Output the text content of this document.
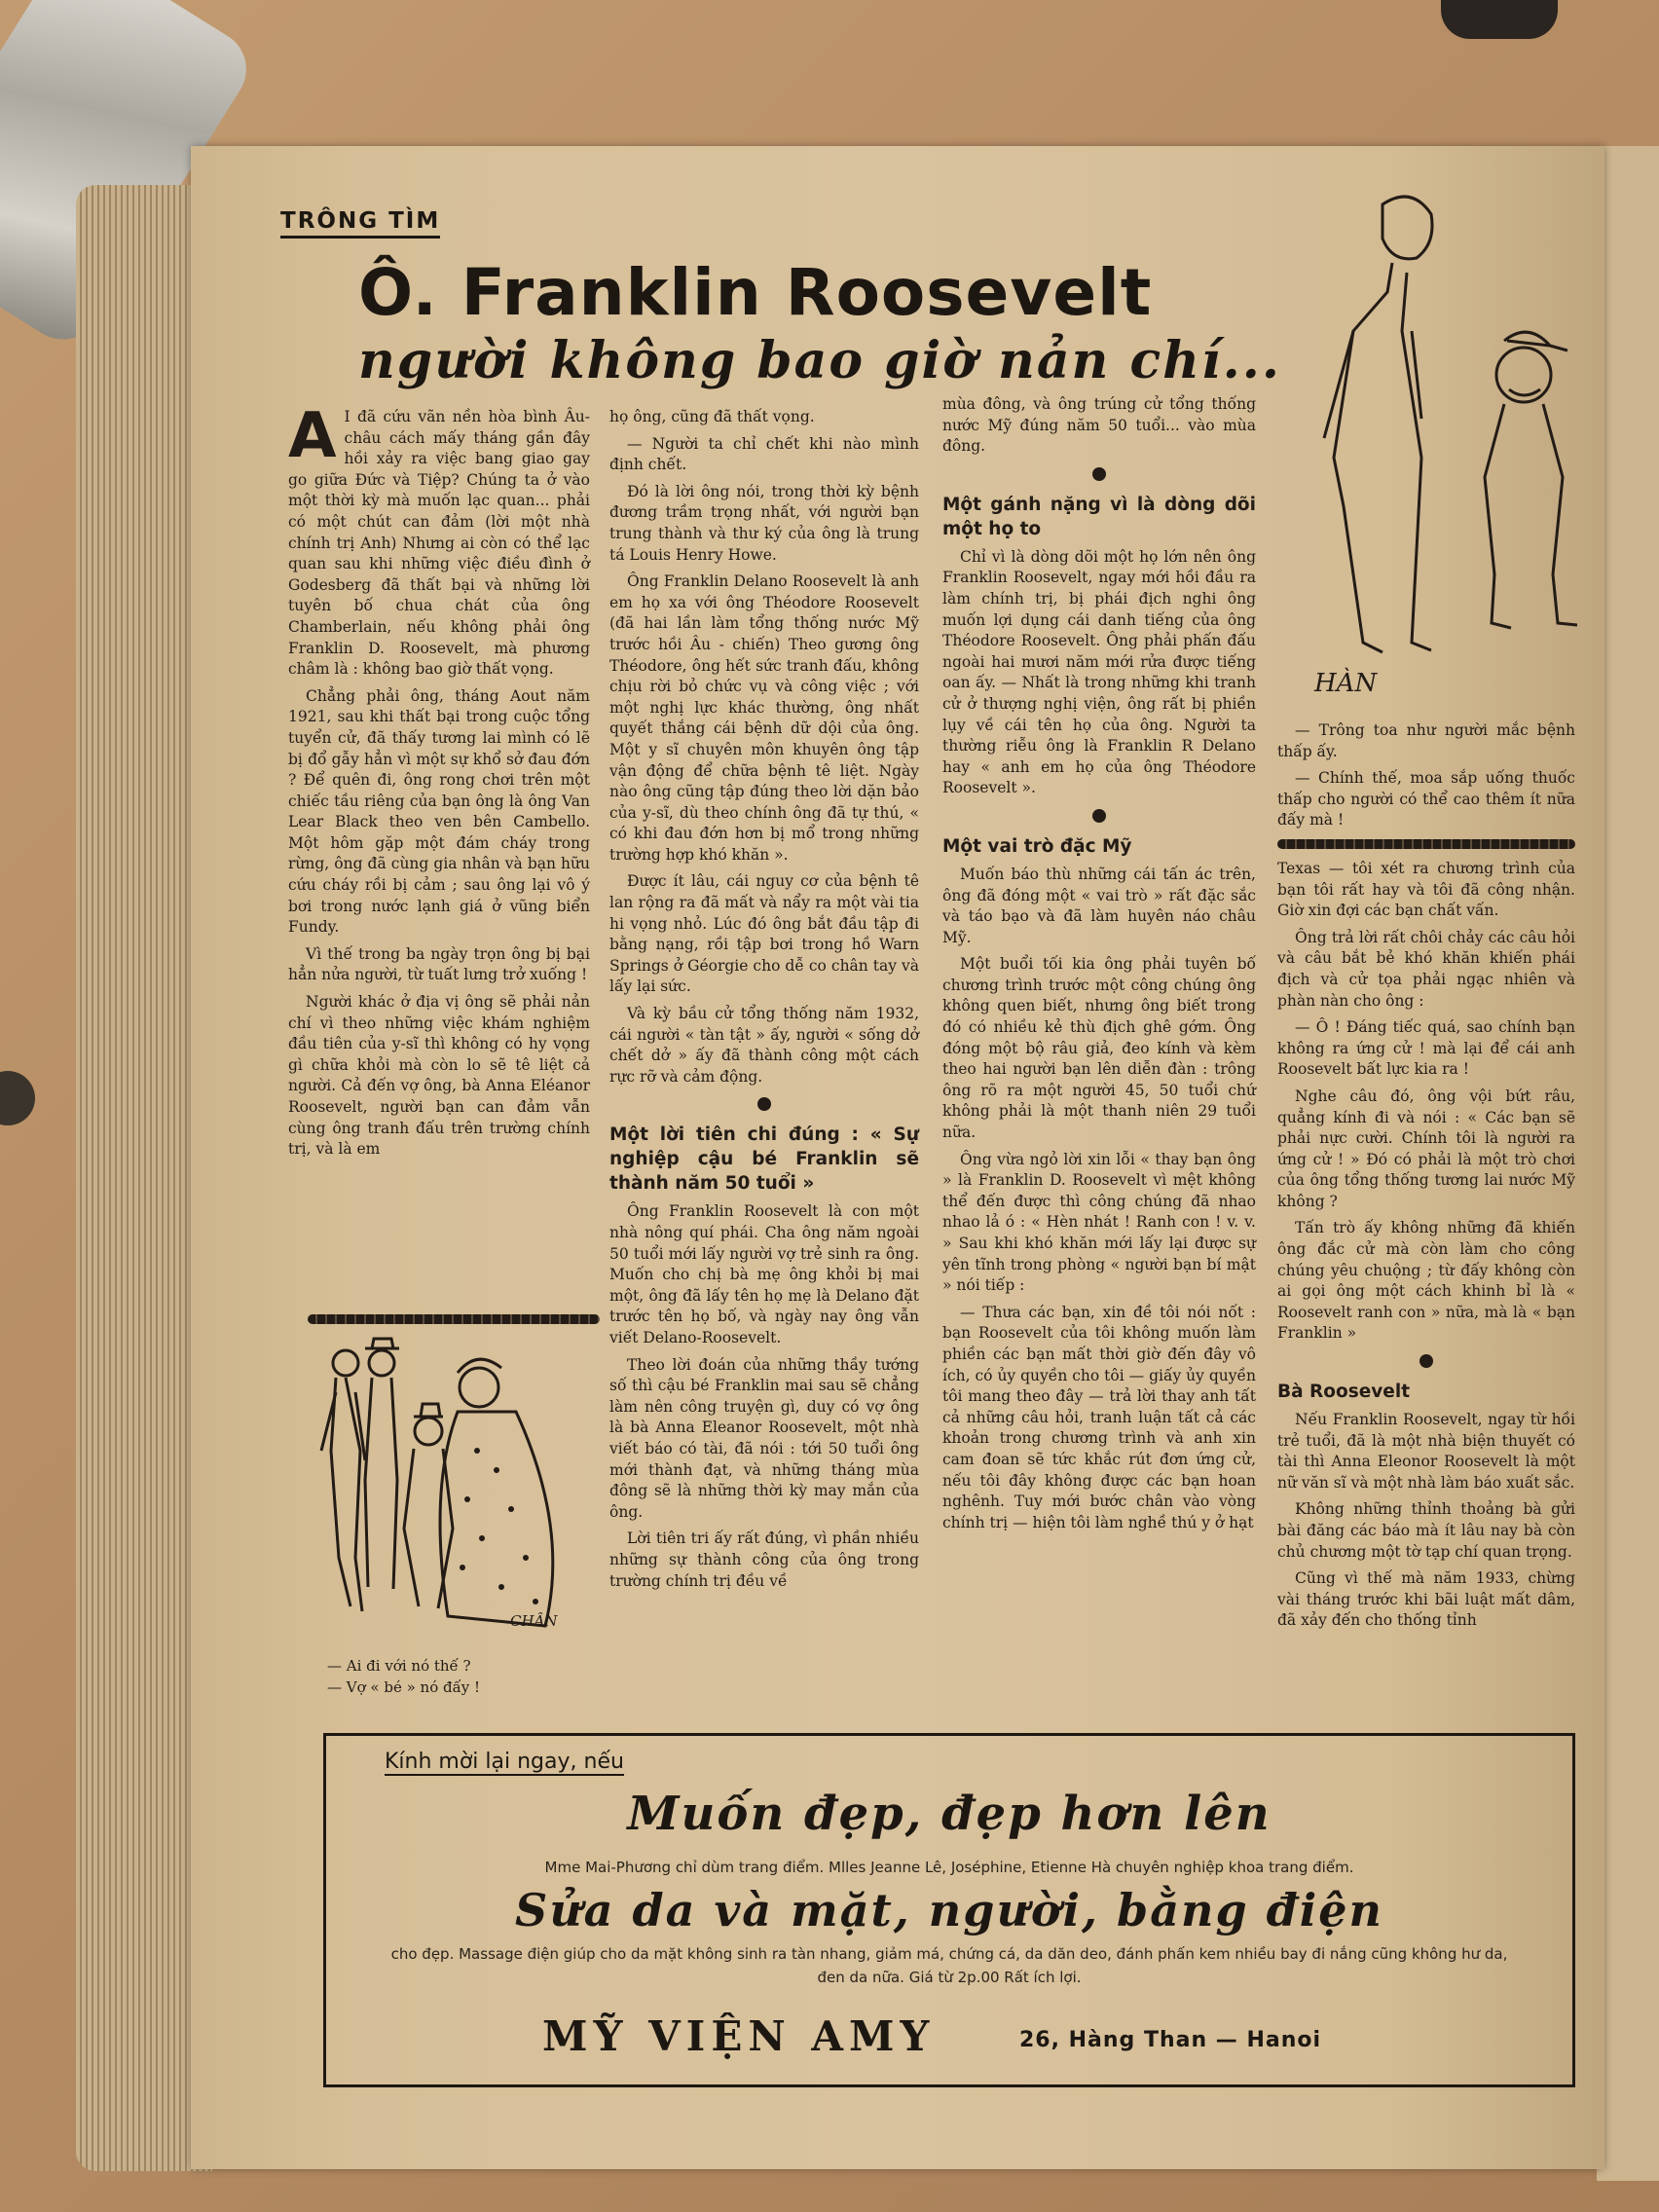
TRÔNG TÌM
Ô. Franklin Roosevelt
người không bao giờ nản chí...

A I đã cứu vãn nền hòa bình Âu-châu cách mấy tháng gần đây hồi xảy ra việc bang giao gay go giữa Đức và Tiệp? Chúng ta ở vào một thời kỳ mà muốn lạc quan... phải có một chút can đảm (lời một nhà chính trị Anh) Nhưng ai còn có thể lạc quan sau khi những việc điều đình ở Godesberg đã thất bại và những lời tuyên bố chua chát của ông Chamberlain, nếu không phải ông Franklin D. Roosevelt, mà phương châm là : không bao giờ thất vọng.

Chẳng phải ông, tháng Aout năm 1921, sau khi thất bại trong cuộc tổng tuyển cử, đã thấy tương lai mình có lẽ bị đổ gẫy hẳn vì một sự khổ sở đau đớn ? Để quên đi, ông rong chơi trên một chiếc tầu riêng của bạn ông là ông Van Lear Black theo ven bên Cambello. Một hôm gặp một đám cháy trong rừng, ông đã cùng gia nhân và bạn hữu cứu cháy rồi bị cảm ; sau ông lại vô ý bơi trong nước lạnh giá ở vũng biển Fundy.

Vì thế trong ba ngày trọn ông bị bại hẳn nửa người, từ tuất lưng trở xuống !

Người khác ở địa vị ông sẽ phải nản chí vì theo những việc khám nghiệm đầu tiên của y-sĩ thì không có hy vọng gì chữa khỏi mà còn lo sẽ tê liệt cả người. Cả đến vợ ông, bà Anna Eléanor Roosevelt, người bạn can đảm vẫn cùng ông tranh đấu trên trường chính trị, và là em

CHÂN
— Ai đi với nó thế ?
— Vợ « bé » nó đấy !

họ ông, cũng đã thất vọng.

— Người ta chỉ chết khi nào mình định chết.

Đó là lời ông nói, trong thời kỳ bệnh đương trầm trọng nhất, với người bạn trung thành và thư ký của ông là trung tá Louis Henry Howe.

Ông Franklin Delano Roosevelt là anh em họ xa với ông Théodore Roosevelt (đã hai lần làm tổng thống nước Mỹ trước hồi Âu - chiến) Theo gương ông Théodore, ông hết sức tranh đấu, không chịu rời bỏ chức vụ và công việc ; với một nghị lực khác thường, ông nhất quyết thắng cái bệnh dữ dội của ông. Một y sĩ chuyên môn khuyên ông tập vận động để chữa bệnh tê liệt. Ngày nào ông cũng tập đúng theo lời dặn bảo của y-sĩ, dù theo chính ông đã tự thú, « có khi đau đớn hơn bị mổ trong những trường hợp khó khăn ».

Được ít lâu, cái nguy cơ của bệnh tê lan rộng ra đã mất và nẩy ra một vài tia hi vọng nhỏ. Lúc đó ông bắt đầu tập đi bằng nạng, rồi tập bơi trong hồ Warn Springs ở Géorgie cho dễ co chân tay và lấy lại sức.

Và kỳ bầu cử tổng thống năm 1932, cái người « tàn tật » ấy, người « sống dở chết dở » ấy đã thành công một cách rực rỡ và cảm động.

Một lời tiên chi đúng : « Sự nghiệp cậu bé Franklin sẽ thành năm 50 tuổi »

Ông Franklin Roosevelt là con một nhà nông quí phái. Cha ông năm ngoài 50 tuổi mới lấy người vợ trẻ sinh ra ông. Muốn cho chị bà mẹ ông khỏi bị mai một, ông đã lấy tên họ mẹ là Delano đặt trước tên họ bố, và ngày nay ông vẫn viết Delano-Roosevelt.

Theo lời đoán của những thầy tướng số thì cậu bé Franklin mai sau sẽ chẳng làm nên công truyện gì, duy có vợ ông là bà Anna Eleanor Roosevelt, một nhà viết báo có tài, đã nói : tới 50 tuổi ông mới thành đạt, và những tháng mùa đông sẽ là những thời kỳ may mắn của ông.

Lời tiên tri ấy rất đúng, vì phần nhiều những sự thành công của ông trong trường chính trị đều về

mùa đông, và ông trúng cử tổng thống nước Mỹ đúng năm 50 tuổi... vào mùa đông.

Một gánh nặng vì là dòng dõi một họ to

Chỉ vì là dòng dõi một họ lớn nên ông Franklin Roosevelt, ngay mới hồi đầu ra làm chính trị, bị phái địch nghi ông muốn lợi dụng cái danh tiếng của ông Théodore Roosevelt. Ông phải phấn đấu ngoài hai mươi năm mới rửa được tiếng oan ấy. — Nhất là trong những khi tranh cử ở thượng nghị viện, ông rất bị phiền lụy về cái tên họ của ông. Người ta thường riễu ông là Franklin R Delano hay « anh em họ của ông Théodore Roosevelt ».

Một vai trò đặc Mỹ

Muốn báo thù những cái tấn ác trên, ông đã đóng một « vai trò » rất đặc sắc và táo bạo và đã làm huyên náo châu Mỹ.

Một buổi tối kia ông phải tuyên bố chương trình trước một công chúng ông không quen biết, nhưng ông biết trong đó có nhiều kẻ thù địch ghê gớm. Ông đóng một bộ râu giả, đeo kính và kèm theo hai người bạn lên diễn đàn : trông ông rõ ra một người 45, 50 tuổi chứ không phải là một thanh niên 29 tuổi nữa.

Ông vừa ngỏ lời xin lỗi « thay bạn ông » là Franklin D. Roosevelt vì mệt không thể đến được thì công chúng đã nhao nhao lả ó : « Hèn nhát ! Ranh con ! v. v. » Sau khi khó khăn mới lấy lại được sự yên tĩnh trong phòng « người bạn bí mật » nói tiếp :

— Thưa các bạn, xin đề tôi nói nốt : bạn Roosevelt của tôi không muốn làm phiền các bạn mất thời giờ đến đây vô ích, có ủy quyền cho tôi — giấy ủy quyền tôi mang theo đây — trả lời thay anh tất cả những câu hỏi, tranh luận tất cả các khoản trong chương trình và anh xin cam đoan sẽ tức khắc rút đơn ứng cử, nếu tôi đây không được các bạn hoan nghênh. Tuy mới bước chân vào vòng chính trị — hiện tôi làm nghề thú y ở hạt

HÀN

— Trông toa như người mắc bệnh thấp ấy.

— Chính thế, moa sắp uống thuốc thấp cho người có thể cao thêm ít nữa đấy mà !

Texas — tôi xét ra chương trình của bạn tôi rất hay và tôi đã công nhận. Giờ xin đợi các bạn chất vấn.

Ông trả lời rất chôi chảy các câu hỏi và câu bắt bẻ khó khăn khiến phái địch và cử tọa phải ngạc nhiên và phàn nàn cho ông :

— Ô ! Đáng tiếc quá, sao chính bạn không ra ứng cử ! mà lại để cái anh Roosevelt bất lực kia ra !

Nghe câu đó, ông vội bứt râu, quẳng kính đi và nói : « Các bạn sẽ phải nực cười. Chính tôi là người ra ứng cử ! » Đó có phải là một trò chơi của ông tổng thống tương lai nước Mỹ không ?

Tấn trò ấy không những đã khiến ông đắc cử mà còn làm cho công chúng yêu chuộng ; từ đấy không còn ai gọi ông một cách khinh bỉ là « Roosevelt ranh con » nữa, mà là « bạn Franklin »

Bà Roosevelt

Nếu Franklin Roosevelt, ngay từ hồi trẻ tuổi, đã là một nhà biện thuyết có tài thì Anna Eleonor Roosevelt là một nữ văn sĩ và một nhà làm báo xuất sắc.

Không những thỉnh thoảng bà gửi bài đăng các báo mà ít lâu nay bà còn chủ chương một tờ tạp chí quan trọng.

Cũng vì thế mà năm 1933, chừng vài tháng trước khi bãi luật mất dâm, đã xảy đến cho thống tỉnh

Kính mời lại ngay, nếu
Muốn đẹp, đẹp hơn lên
Mme Mai-Phương chỉ dùm trang điểm. Mlles Jeanne Lê, Joséphine, Etienne Hà chuyên nghiệp khoa trang điểm.
Sửa da và mặt, người, bằng điện
cho đẹp. Massage điện giúp cho da mặt không sinh ra tàn nhang, giảm má, chứng cá, da dăn deo, đánh phấn kem nhiều bay đi nắng cũng không hư da, đen da nữa. Giá từ 2p.00 Rất ích lợi.
MỸ VIỆN AMY	26, Hàng Than — Hanoi
